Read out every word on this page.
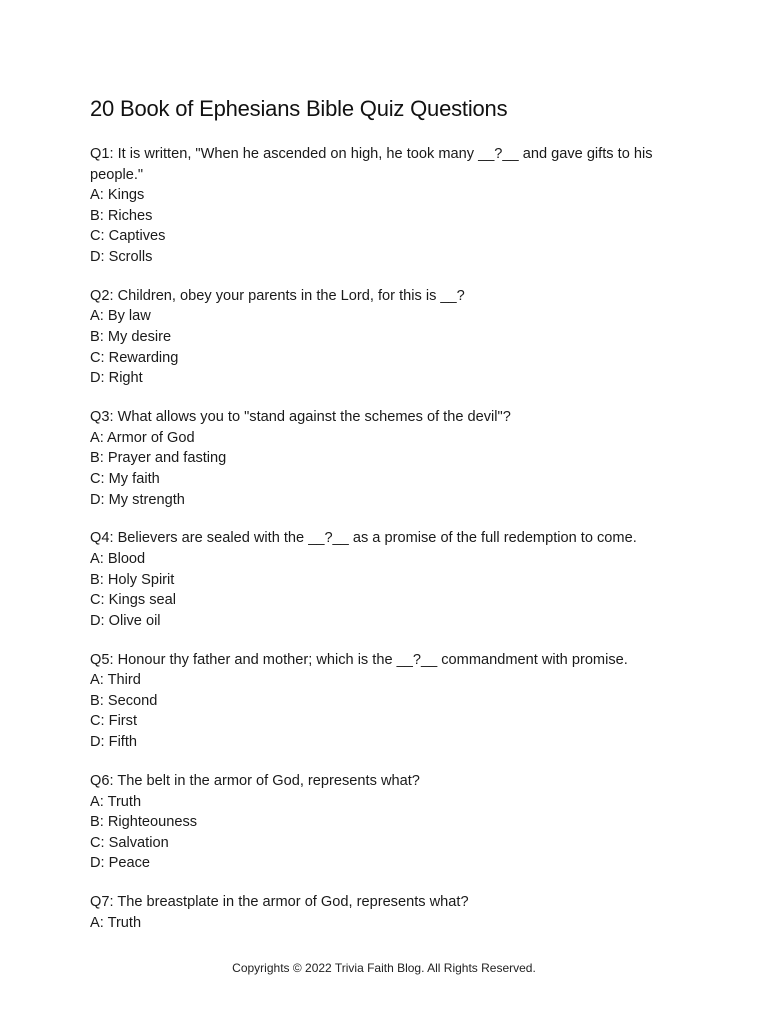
20 Book of Ephesians Bible Quiz Questions
Q1: It is written, "When he ascended on high, he took many __?__ and gave gifts to his people."
A: Kings
B: Riches
C: Captives
D: Scrolls
Q2: Children, obey your parents in the Lord, for this is __?
A: By law
B: My desire
C: Rewarding
D: Right
Q3: What allows you to "stand against the schemes of the devil"?
A: Armor of God
B: Prayer and fasting
C: My faith
D: My strength
Q4: Believers are sealed with the __?__ as a promise of the full redemption to come.
A: Blood
B: Holy Spirit
C: Kings seal
D: Olive oil
Q5: Honour thy father and mother; which is the __?__ commandment with promise.
A: Third
B: Second
C: First
D: Fifth
Q6: The belt in the armor of God, represents what?
A: Truth
B: Righteouness
C: Salvation
D: Peace
Q7: The breastplate in the armor of God, represents what?
A: Truth
Copyrights © 2022 Trivia Faith Blog. All Rights Reserved.
